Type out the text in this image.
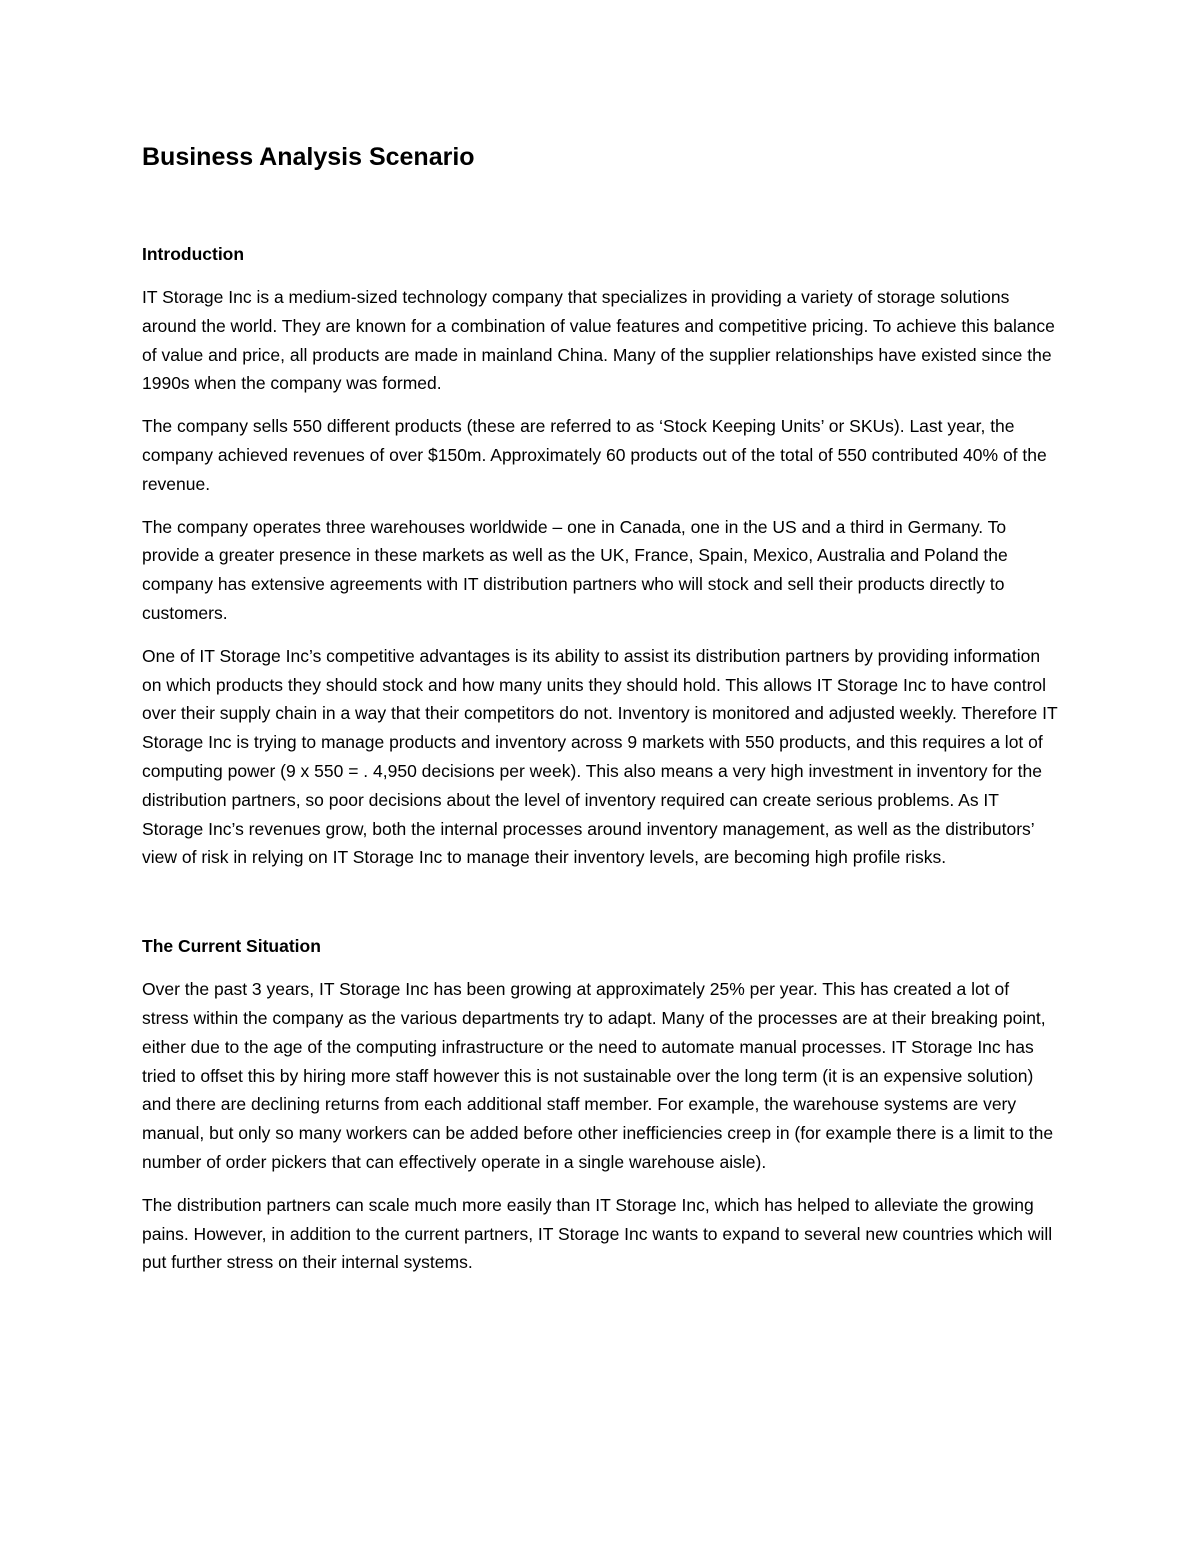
Business Analysis Scenario
Introduction

IT Storage Inc is a medium-sized technology company that specializes in providing a variety of storage solutions around the world. They are known for a combination of value features and competitive pricing. To achieve this balance of value and price, all products are made in mainland China. Many of the supplier relationships have existed since the 1990s when the company was formed.

The company sells 550 different products (these are referred to as ‘Stock Keeping Units’ or SKUs). Last year, the company achieved revenues of over $150m. Approximately 60 products out of the total of 550 contributed 40% of the revenue.

The company operates three warehouses worldwide – one in Canada, one in the US and a third in Germany. To provide a greater presence in these markets as well as the UK, France, Spain, Mexico, Australia and Poland the company has extensive agreements with IT distribution partners who will stock and sell their products directly to customers.

One of IT Storage Inc’s competitive advantages is its ability to assist its distribution partners by providing information on which products they should stock and how many units they should hold. This allows IT Storage Inc to have control over their supply chain in a way that their competitors do not. Inventory is monitored and adjusted weekly. Therefore IT Storage Inc is trying to manage products and inventory across 9 markets with 550 products, and this requires a lot of computing power (9 x 550 = . 4,950 decisions per week). This also means a very high investment in inventory for the distribution partners, so poor decisions about the level of inventory required can create serious problems. As IT Storage Inc’s revenues grow, both the internal processes around inventory management, as well as the distributors’ view of risk in relying on IT Storage Inc to manage their inventory levels, are becoming high profile risks.

The Current Situation

Over the past 3 years, IT Storage Inc has been growing at approximately 25% per year. This has created a lot of stress within the company as the various departments try to adapt. Many of the processes are at their breaking point, either due to the age of the computing infrastructure or the need to automate manual processes. IT Storage Inc has tried to offset this by hiring more staff however this is not sustainable over the long term (it is an expensive solution) and there are declining returns from each additional staff member. For example, the warehouse systems are very manual, but only so many workers can be added before other inefficiencies creep in (for example there is a limit to the number of order pickers that can effectively operate in a single warehouse aisle).

The distribution partners can scale much more easily than IT Storage Inc, which has helped to alleviate the growing pains. However, in addition to the current partners, IT Storage Inc wants to expand to several new countries which will put further stress on their internal systems.
